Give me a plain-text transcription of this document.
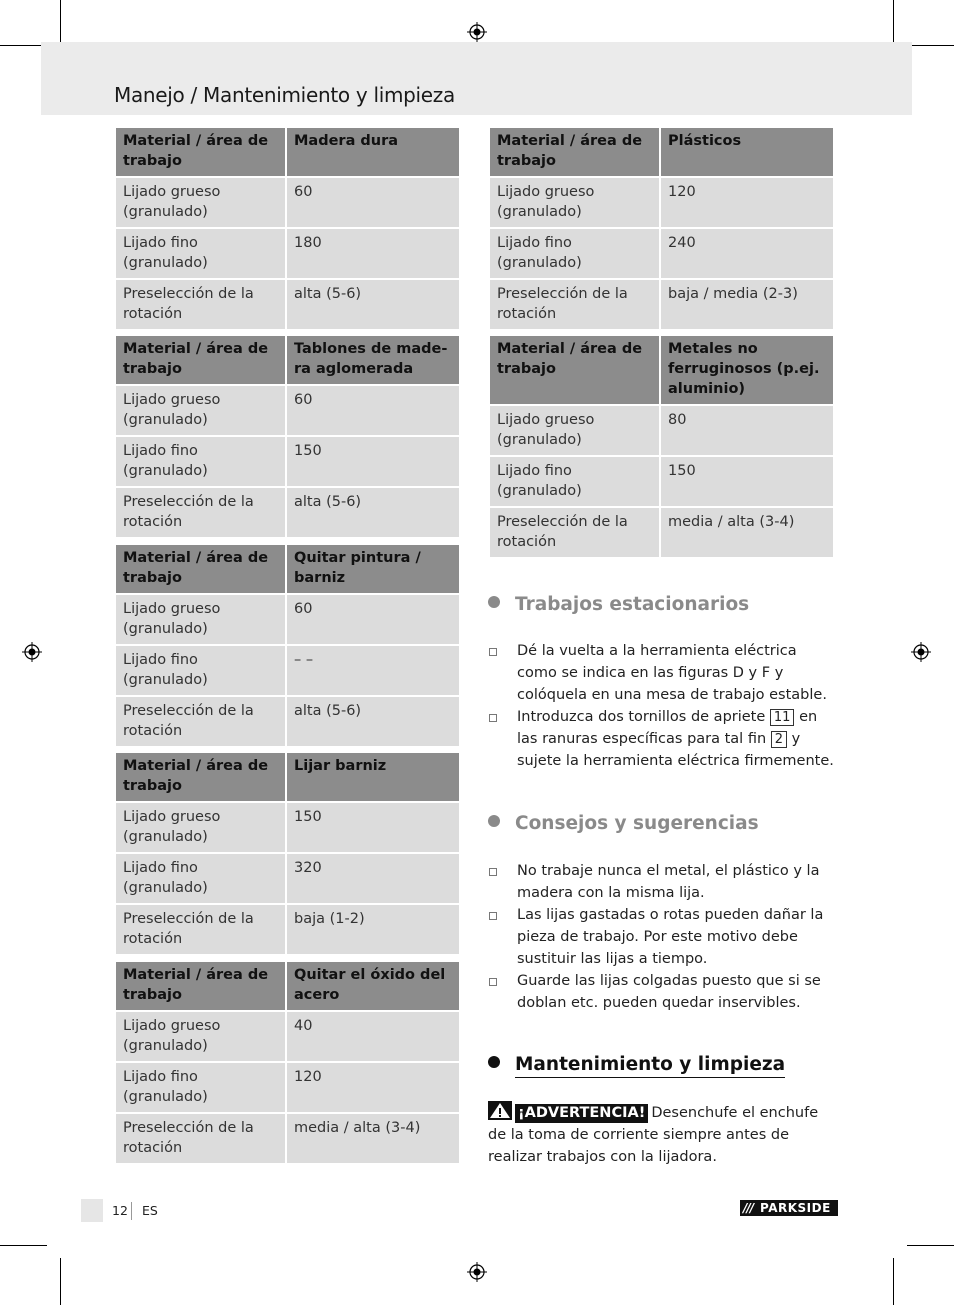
Manejo / Mantenimiento y limpieza
Material / área de trabajo	Madera dura
Lijado grueso (granulado)	60
Lijado fino (granulado)	180
Preselección de la rotación	alta (5-6)
Material / área de trabajo	Tablones de made- ra aglomerada
Lijado grueso (granulado)	60
Lijado fino (granulado)	150
Preselección de la rotación	alta (5-6)
Material / área de trabajo	Quitar pintura / barniz
Lijado grueso (granulado)	60
Lijado fino (granulado)	– –
Preselección de la rotación	alta (5-6)
Material / área de trabajo	Lijar barniz
Lijado grueso (granulado)	150
Lijado fino (granulado)	320
Preselección de la rotación	baja (1-2)
Material / área de trabajo	Quitar el óxido del acero
Lijado grueso (granulado)	40
Lijado fino (granulado)	120
Preselección de la rotación	media / alta (3-4)
Material / área de trabajo	Plásticos
Lijado grueso (granulado)	120
Lijado fino (granulado)	240
Preselección de la rotación	baja / media (2-3)
Material / área de trabajo	Metales no ferruginosos (p.ej. aluminio)
Lijado grueso (granulado)	80
Lijado fino (granulado)	150
Preselección de la rotación	media / alta (3-4)
Trabajos estacionarios
Dé la vuelta a la herramienta eléctrica como se indica en las figuras D y F y colóquela en una mesa de trabajo estable.
Introduzca dos tornillos de apriete 11 en las ranuras específicas para tal fin 2 y sujete la herramienta eléctrica firmemente.
Consejos y sugerencias
No trabaje nunca el metal, el plástico y la madera con la misma lija.
Las lijas gastadas o rotas pueden dañar la pieza de trabajo. Por este motivo debe sustituir las lijas a tiempo.
Guarde las lijas colgadas puesto que si se doblan etc. pueden quedar inservibles.
Mantenimiento y limpieza
¡ADVERTENCIA! Desenchufe el enchufe de la toma de corriente siempre antes de realizar trabajos con la lijadora.
12 ES	/// PARKSIDE
